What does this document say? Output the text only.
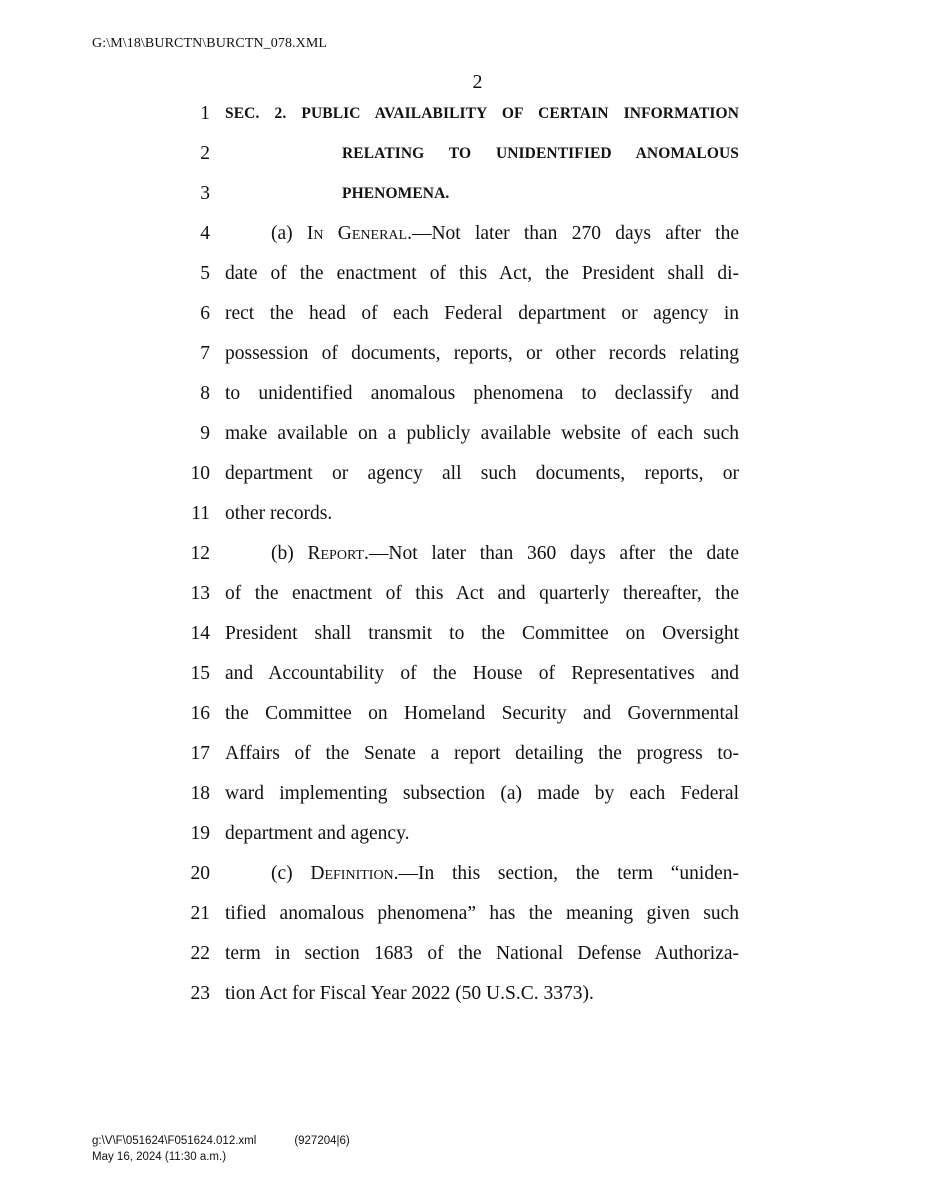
G:\M\18\BURCTN\BURCTN_078.XML
2
1 SEC. 2. PUBLIC AVAILABILITY OF CERTAIN INFORMATION
2	RELATING TO UNIDENTIFIED ANOMALOUS
3	PHENOMENA.
4	(a) In General.—Not later than 270 days after the
5 date of the enactment of this Act, the President shall di-
6 rect the head of each Federal department or agency in
7 possession of documents, reports, or other records relating
8 to unidentified anomalous phenomena to declassify and
9 make available on a publicly available website of each such
10 department or agency all such documents, reports, or
11 other records.
12	(b) Report.—Not later than 360 days after the date
13 of the enactment of this Act and quarterly thereafter, the
14 President shall transmit to the Committee on Oversight
15 and Accountability of the House of Representatives and
16 the Committee on Homeland Security and Governmental
17 Affairs of the Senate a report detailing the progress to-
18 ward implementing subsection (a) made by each Federal
19 department and agency.
20	(c) Definition.—In this section, the term “uniden-
21 tified anomalous phenomena” has the meaning given such
22 term in section 1683 of the National Defense Authoriza-
23 tion Act for Fiscal Year 2022 (50 U.S.C. 3373).
g:\V\F\051624\F051624.012.xml	(927204|6)
May 16, 2024 (11:30 a.m.)
